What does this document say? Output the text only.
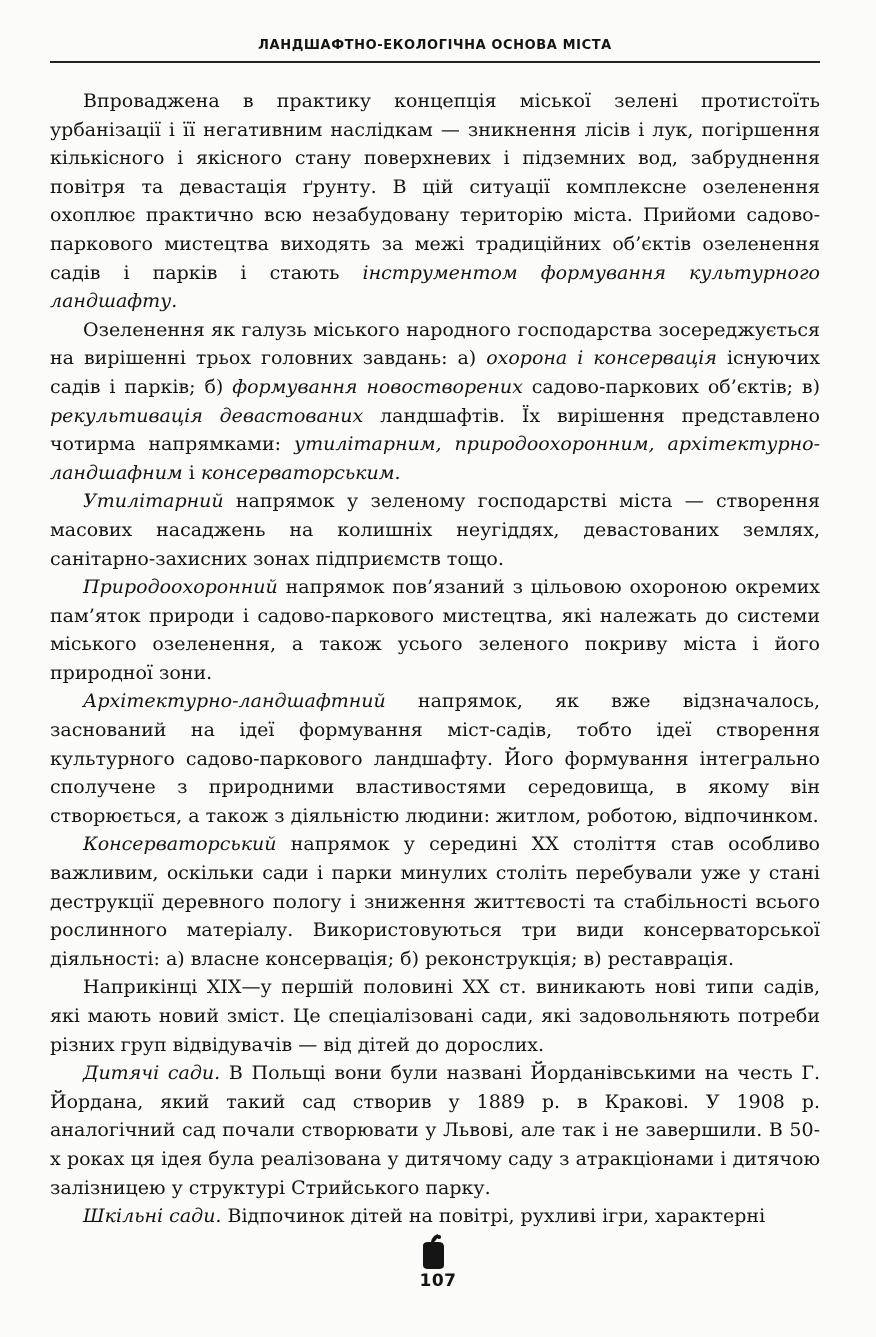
ЛАНДШАФТНО-ЕКОЛОГІЧНА ОСНОВА МІСТА

Впроваджена в практику концепція міської зелені протистоїть урбанізації і її негативним наслідкам — зникнення лісів і лук, погіршення кількісного і якісного стану поверхневих і підземних вод, забруднення повітря та девастація ґрунту. В цій ситуації комплексне озеленення охоплює практично всю незабудовану територію міста. Прийоми садово-паркового мистецтва виходять за межі традиційних об’єктів озеленення садів і парків і стають інструментом формування культурного ландшафту.

Озеленення як галузь міського народного господарства зосереджується на вирішенні трьох головних завдань: а) охорона і консервація існуючих садів і парків; б) формування новостворених садово-паркових об’єктів; в) рекультивація девастованих ландшафтів. Їх вирішення представлено чотирма напрямками: утилітарним, природоохоронним, архітектурно-ландшафним і консерваторським.

Утилітарний напрямок у зеленому господарстві міста — створення масових насаджень на колишніх неугіддях, девастованих землях, санітарно-захисних зонах підприємств тощо.

Природоохоронний напрямок пов’язаний з цільовою охороною окремих пам’яток природи і садово-паркового мистецтва, які належать до системи міського озеленення, а також усього зеленого покриву міста і його природної зони.

Архітектурно-ландшафтний напрямок, як вже відзначалось, заснований на ідеї формування міст-садів, тобто ідеї створення культурного садово-паркового ландшафту. Його формування інтегрально сполучене з природними властивостями середовища, в якому він створюється, а також з діяльністю людини: житлом, роботою, відпочинком.

Консерваторський напрямок у середині XX століття став особливо важливим, оскільки сади і парки минулих століть перебували уже у стані деструкції деревного пологу і зниження життєвості та стабільності всього рослинного матеріалу. Використовуються три види консерваторської діяльності: а) власне консервація; б) реконструкція; в) реставрація.

Наприкінці XIX—у першій половині XX ст. виникають нові типи садів, які мають новий зміст. Це спеціалізовані сади, які задовольняють потреби різних груп відвідувачів — від дітей до дорослих.

Дитячі сади. В Польщі вони були названі Йорданівськими на честь Г. Йордана, який такий сад створив у 1889 р. в Кракові. У 1908 р. аналогічний сад почали створювати у Львові, але так і не завершили. В 50-х роках ця ідея була реалізована у дитячому саду з атракціонами і дитячою залізницею у структурі Стрийського парку.

Шкільні сади. Відпочинок дітей на повітрі, рухливі ігри, характерні

107
